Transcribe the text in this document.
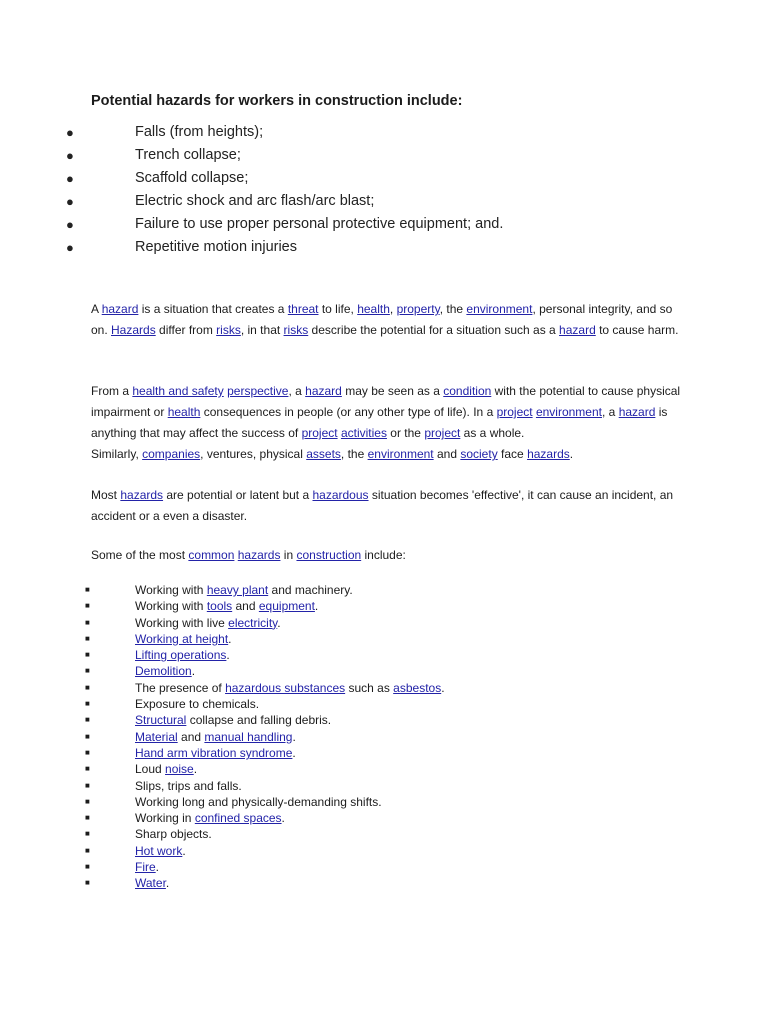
Potential hazards for workers in construction include:

●	Falls (from heights);
●	Trench collapse;
●	Scaffold collapse;
●	Electric shock and arc flash/arc blast;
●	Failure to use proper personal protective equipment; and.
●	Repetitive motion injuries

A hazard is a situation that creates a threat to life, health, property, the environment, personal integrity, and so on. Hazards differ from risks, in that risks describe the potential for a situation such as a hazard to cause harm.

From a health and safety perspective, a hazard may be seen as a condition with the potential to cause physical impairment or health consequences in people (or any other type of life). In a project environment, a hazard is anything that may affect the success of project activities or the project as a whole.
Similarly, companies, ventures, physical assets, the environment and society face hazards.

Most hazards are potential or latent but a hazardous situation becomes 'effective', it can cause an incident, an accident or a even a disaster.

Some of the most common hazards in construction include:

■	Working with heavy plant and machinery.
■	Working with tools and equipment.
■	Working with live electricity.
■	Working at height.
■	Lifting operations.
■	Demolition.
■	The presence of hazardous substances such as asbestos.
■	Exposure to chemicals.
■	Structural collapse and falling debris.
■	Material and manual handling.
■	Hand arm vibration syndrome.
■	Loud noise.
■	Slips, trips and falls.
■	Working long and physically-demanding shifts.
■	Working in confined spaces.
■	Sharp objects.
■	Hot work.
■	Fire.
■	Water.
